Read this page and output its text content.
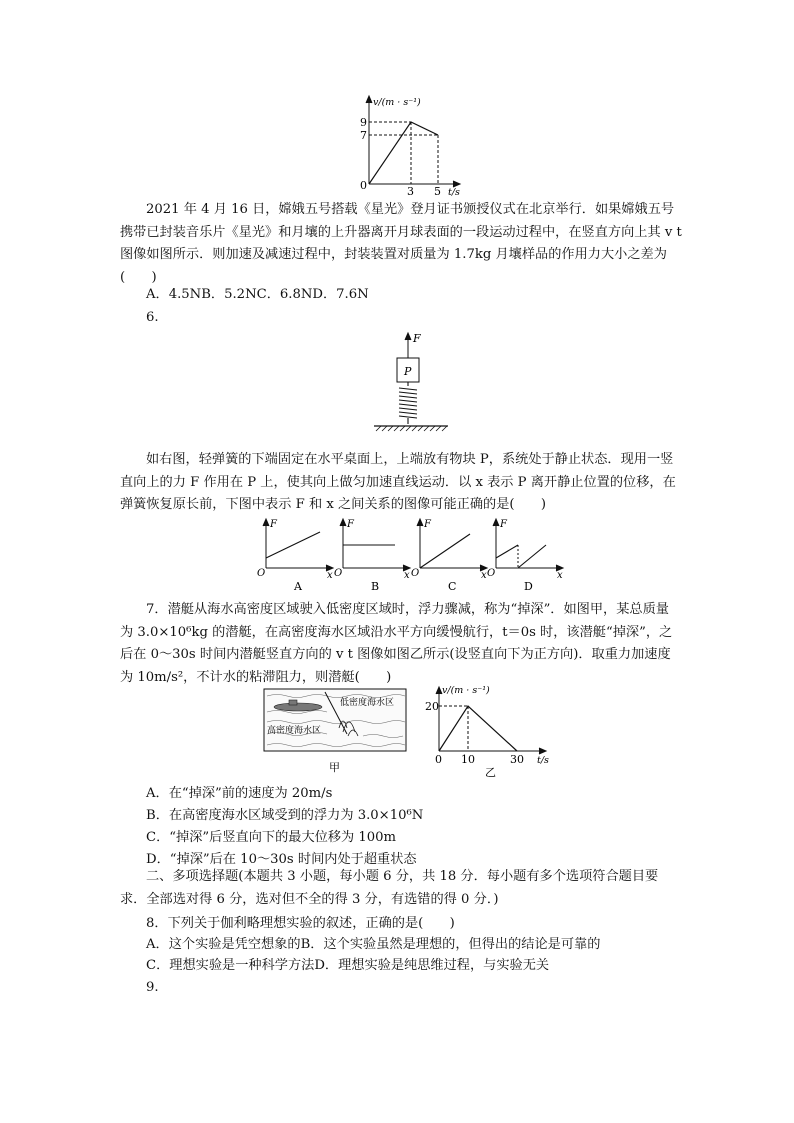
v/(m · s⁻¹)
9
7
0	3 5 t/s
2021 年 4 月 16 日，嫦娥五号搭载《星光》登月证书颁授仪式在北京举行．如果嫦娥五号携带已封装音乐片《星光》和月壤的上升器离开月球表面的一段运动过程中，在竖直方向上其 v t 图像如图所示．则加速及减速过程中，封装装置对质量为 1.7kg 月壤样品的作用力大小之差为(　　)
A．4.5NB．5.2NC．6.8ND．7.6N
6.
F
P
如右图，轻弹簧的下端固定在水平桌面上，上端放有物块 P，系统处于静止状态．现用一竖直向上的力 F 作用在 P 上，使其向上做匀加速直线运动．以 x 表示 P 离开静止位置的位移，在弹簧恢复原长前，下图中表示 F 和 x 之间关系的图像可能正确的是(　　)
F
O	x
A
F
O	x
B
F
O	x
C
F
O	x
D
7．潜艇从海水高密度区域驶入低密度区域时，浮力骤减，称为“掉深”．如图甲，某总质量为 3.0×10⁶kg 的潜艇，在高密度海水区域沿水平方向缓慢航行，t＝0s 时，该潜艇“掉深”，之后在 0～30s 时间内潜艇竖直方向的 v t 图像如图乙所示(设竖直向下为正方向)．取重力加速度为 10m/s²，不计水的粘滞阻力，则潜艇(　　)
低密度海水区
高密度海水区
甲
v/(m · s⁻¹)
20
0 10	30 t/s
乙
A．在“掉深”前的速度为 20m/s
B．在高密度海水区域受到的浮力为 3.0×10⁶N
C．“掉深”后竖直向下的最大位移为 100m
D．“掉深”后在 10～30s 时间内处于超重状态
二、多项选择题(本题共 3 小题，每小题 6 分，共 18 分．每小题有多个选项符合题目要求．全部选对得 6 分，选对但不全的得 3 分，有选错的得 0 分．)
8．下列关于伽利略理想实验的叙述，正确的是(　　)
A．这个实验是凭空想象的B．这个实验虽然是理想的，但得出的结论是可靠的
C．理想实验是一种科学方法D．理想实验是纯思维过程，与实验无关
9.
